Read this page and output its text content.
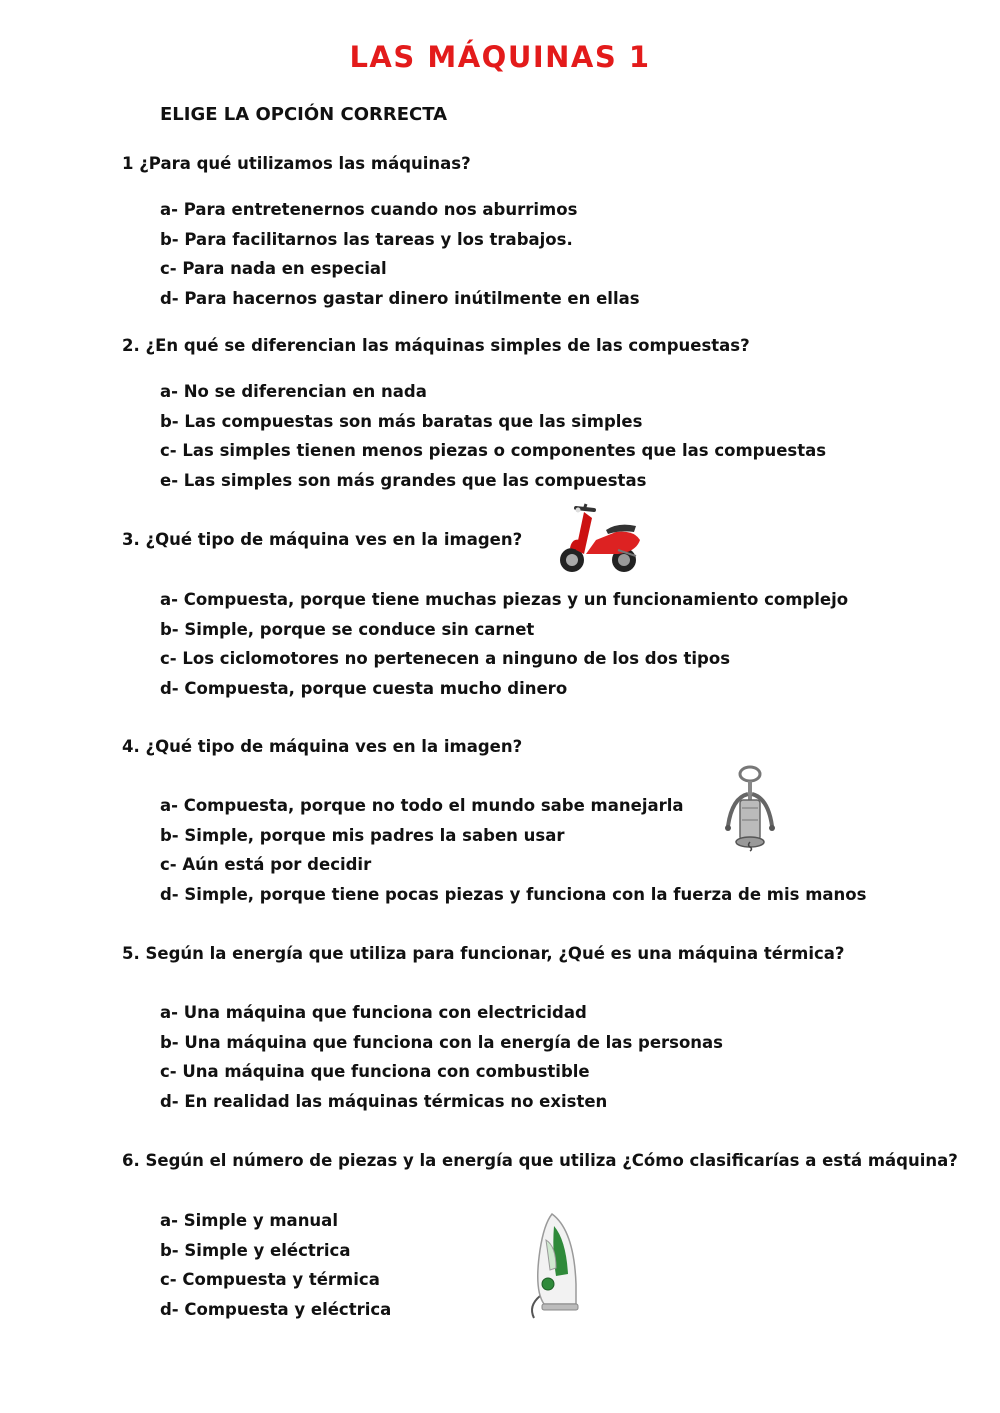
LAS MÁQUINAS 1

ELIGE LA OPCIÓN CORRECTA

1 ¿Para qué utilizamos las máquinas?

a- Para entretenernos cuando nos aburrimos
b- Para facilitarnos las tareas y los trabajos.
c- Para nada en especial
d- Para hacernos gastar dinero inútilmente en ellas

2. ¿En qué se diferencian las máquinas simples de las compuestas?

a- No se diferencian en nada
b- Las compuestas son más baratas que las simples
c- Las simples tienen menos piezas o componentes que las compuestas
e- Las simples son más grandes que las compuestas

3. ¿Qué tipo de máquina ves en la imagen?

a- Compuesta, porque tiene muchas piezas y un funcionamiento complejo
b- Simple, porque se conduce sin carnet
c- Los ciclomotores no pertenecen a ninguno de los dos tipos
d- Compuesta, porque cuesta mucho dinero

4. ¿Qué tipo de máquina ves en la imagen?

a- Compuesta, porque no todo el mundo sabe manejarla
b- Simple, porque mis padres la saben usar
c- Aún está por decidir
d- Simple, porque tiene pocas piezas y funciona con la fuerza de mis manos

5. Según la energía que utiliza para funcionar, ¿Qué es una máquina térmica?

a- Una máquina que funciona con electricidad
b- Una máquina que funciona con la energía de las personas
c- Una máquina que funciona con combustible
d- En realidad las máquinas térmicas no existen

6. Según el número de piezas y la energía que utiliza ¿Cómo clasificarías a está máquina?

a- Simple y manual
b- Simple y eléctrica
c- Compuesta y térmica
d- Compuesta y eléctrica
